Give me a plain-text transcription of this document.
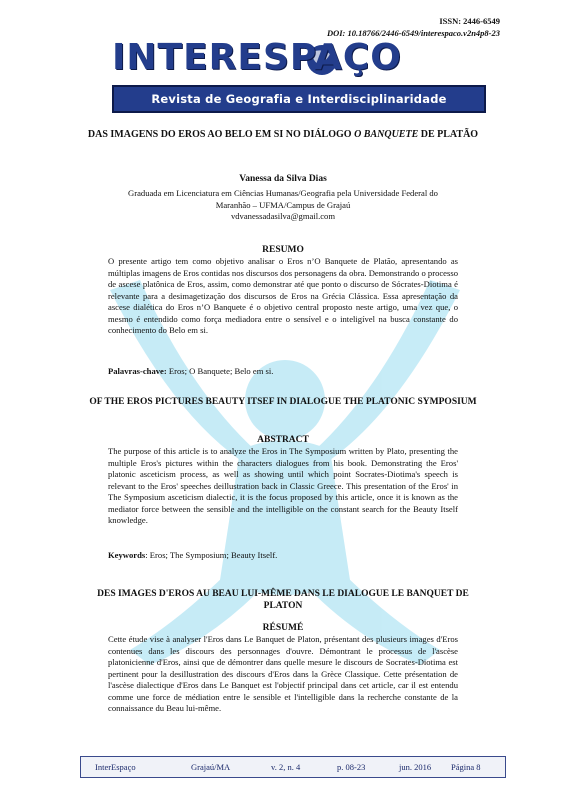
ISSN: 2446-6549
DOI: 10.18766/2446-6549/interespaco.v2n4p8-23
INTERESPAÇO
Revista de Geografia e Interdisciplinaridade
DAS IMAGENS DO EROS AO BELO EM SI NO DIÁLOGO O BANQUETE DE PLATÃO
Vanessa da Silva Dias
Graduada em Licenciatura em Ciências Humanas/Geografia pela Universidade Federal do
Maranhão – UFMA/Campus de Grajaú
vdvanessadasilva@gmail.com
RESUMO
O presente artigo tem como objetivo analisar o Eros n’O Banquete de Platão, apresentando as múltiplas imagens de Eros contidas nos discursos dos personagens da obra. Demonstrando o processo de ascese platônica de Eros, assim, como demonstrar até que ponto o discurso de Sócrates-Diotima é relevante para a desimagetização dos discursos de Eros na Grécia Clássica. Essa apresentação da ascese dialética do Eros n’O Banquete é o objetivo central proposto neste artigo, uma vez que, o mesmo é entendido como força mediadora entre o sensível e o inteligível na busca constante do conhecimento do Belo em si.
Palavras-chave: Eros; O Banquete; Belo em si.
OF THE EROS PICTURES BEAUTY ITSEF IN DIALOGUE THE PLATONIC SYMPOSIUM
ABSTRACT
The purpose of this article is to analyze the Eros in The Symposium written by Plato, presenting the multiple Eros's pictures within the characters dialogues from his book. Demonstrating the Eros' platonic asceticism process, as well as showing until which point Socrates-Diotima's speech is relevant to the Eros' speeches deillustration back in Classic Greece. This presentation of the Eros' in The Symposium asceticism dialectic, it is the focus proposed by this article, once it is known as the mediator force between the sensible and the intelligible on the constant search for the Beauty Itself knowledge.
Keywords: Eros; The Symposium; Beauty Itself.
DES IMAGES D'EROS AU BEAU LUI-MÊME DANS LE DIALOGUE LE BANQUET DE PLATON
RÉSUMÉ
Cette étude vise à analyser l'Eros dans Le Banquet de Platon, présentant des plusieurs images d'Eros contenues dans les discours des personnages d'ouvre. Démontrant le processus de l'ascèse platonicienne d'Eros, ainsi que de démontrer dans quelle mesure le discours de Socrates-Diotima est pertinent pour la desillustration des discours d'Eros dans la Grèce Classique. Cette présentation de l'ascèse dialectique d'Eros dans Le Banquet est l'objectif principal dans cet article, car il est entendu comme une force de médiation entre le sensible et l'intelligible dans la recherche constante de la connaissance du Beau lui-même.
InterEspaço	Grajaú/MA	v. 2, n. 4	p. 08-23	jun. 2016 Página 8
